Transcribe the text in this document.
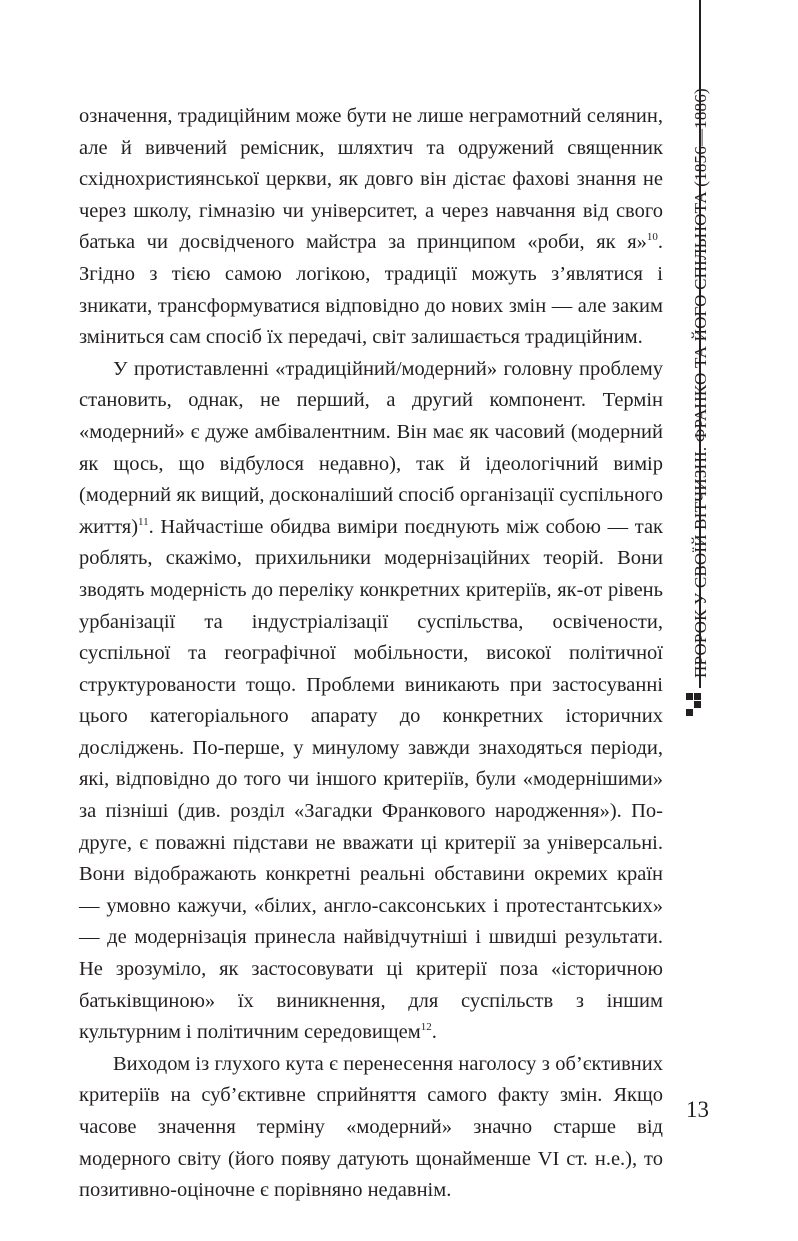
означення, традиційним може бути не лише неграмотний селянин, але й вивчений ремісник, шляхтич та одружений священник східнохристиянської церкви, як довго він дістає фахові знання не через школу, гімназію чи університет, а через навчання від свого батька чи досвідченого майстра за принципом «роби, як я»$^{10}$. Згідно з тією самою логікою, традиції можуть з’являтися і зникати, трансформуватися відповідно до нових змін — але заким зміниться сам спосіб їх передачі, світ залишається традиційним.

У протиставленні «традиційний/модерний» головну проблему становить, однак, не перший, а другий компонент. Термін «модерний» є дуже амбівалентним. Він має як часовий (модерний як щось, що відбулося недавно), так й ідеологічний вимір (модерний як вищий, досконаліший спосіб організації суспільного життя)$^{11}$. Найчастіше обидва виміри поєднують між собою — так роблять, скажімо, прихильники модернізаційних теорій. Вони зводять модерність до переліку конкретних критеріїв, як-от рівень урбанізації та індустріалізації суспільства, освічености, суспільної та географічної мобільности, високої політичної структурованости тощо. Проблеми виникають при застосуванні цього категоріального апарату до конкретних історичних досліджень. По-перше, у минулому завжди знаходяться періоди, які, відповідно до того чи іншого критеріїв, були «модернішими» за пізніші (див. розділ «Загадки Франкового народження»). По-друге, є поважні підстави не вважати ці критерії за універсальні. Вони відображають конкретні реальні обставини окремих країн — умовно кажучи, «білих, англо-саксонських і протестантських» — де модернізація принесла найвідчутніші і швидші результати. Не зрозуміло, як застосовувати ці критерії поза «історичною батьківщиною» їх виникнення, для суспільств з іншим культурним і політичним середовищем$^{12}$.

Виходом із глухого кута є перенесення наголосу з об’єктивних критеріїв на суб’єктивне сприйняття самого факту змін. Якщо часове значення терміну «модерний» значно старше від модерного світу (його появу датують щонайменше VI ст. н.е.), то позитивно-оціночне є порівняно недавнім.

ПРОРОК У СВОЇЙ ВІТЧИЗНІ. ФРАНКО ТА ЙОГО СПІЛЬНОТА (1856—1886)
13
